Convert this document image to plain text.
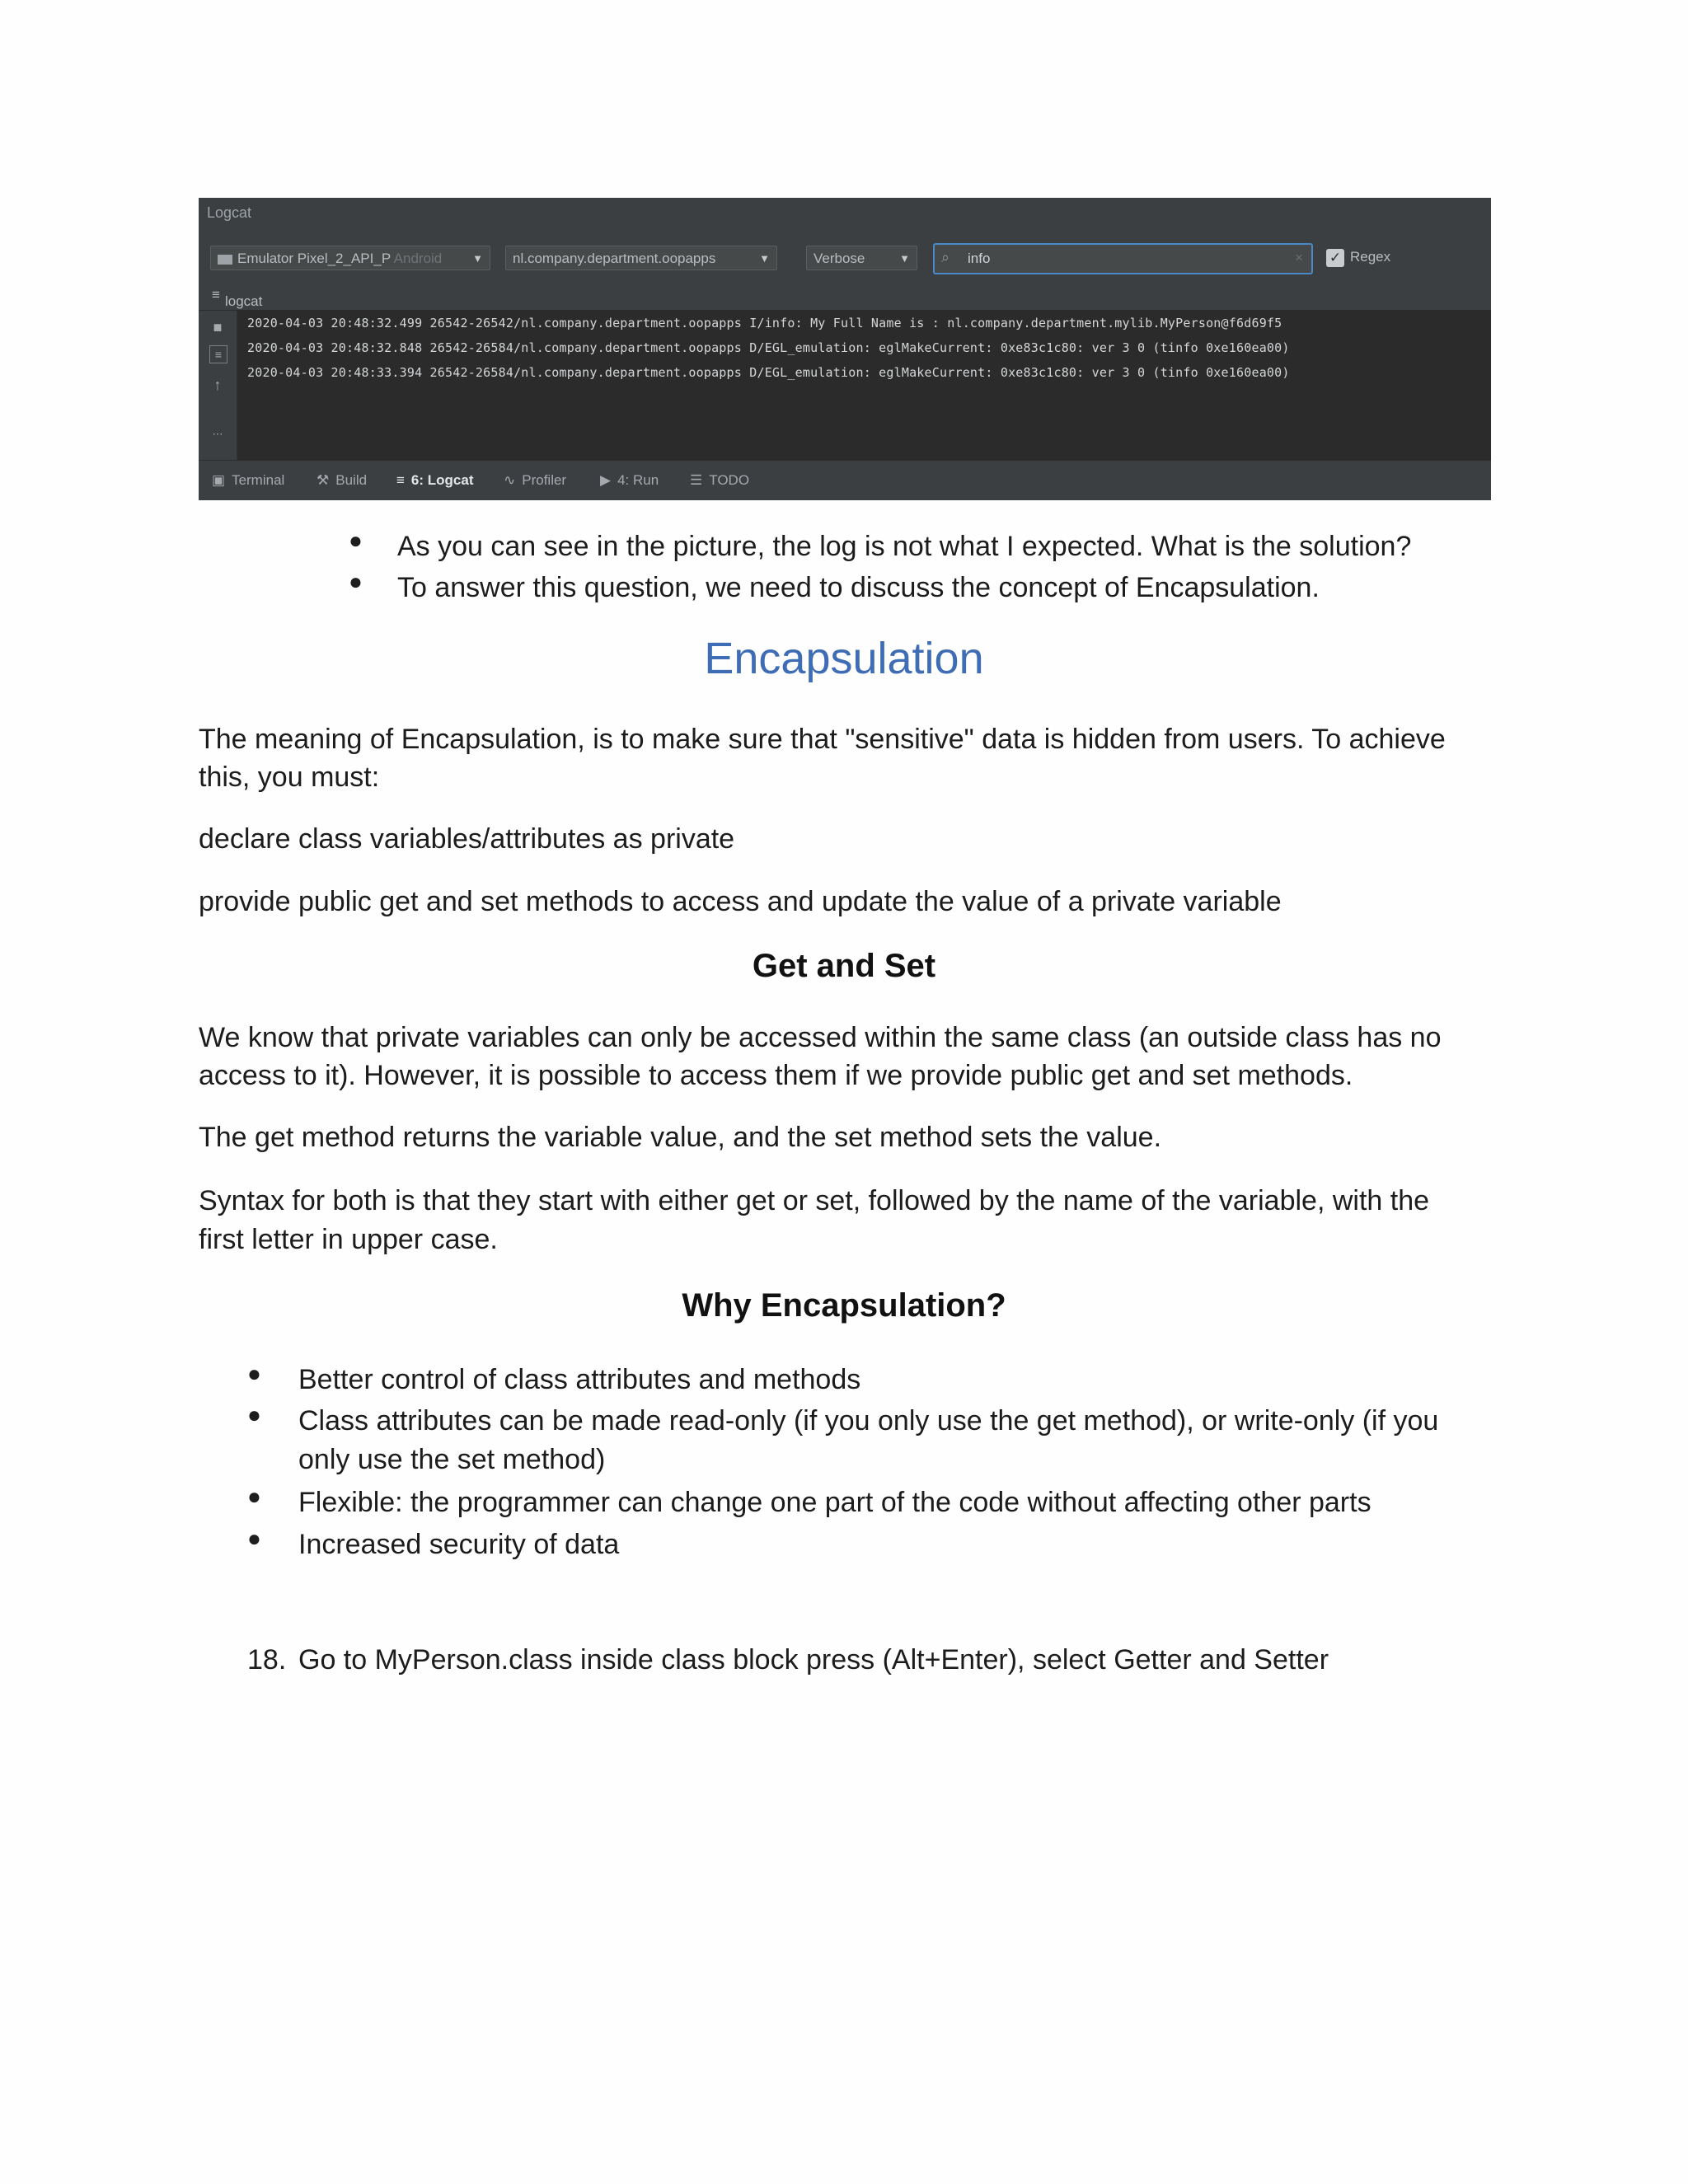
Logcat
Emulator Pixel_2_API_P Android	▼	nl.company.department.oopapps	▼	Verbose	▼ ⌕ info	× ✓ Regex
≡ logcat
■
≡
↑
⋯
2020-04-03 20:48:32.499 26542-26542/nl.company.department.oopapps I/info: My Full Name is : nl.company.department.mylib.MyPerson@f6d69f5
2020-04-03 20:48:32.848 26542-26584/nl.company.department.oopapps D/EGL_emulation: eglMakeCurrent: 0xe83c1c80: ver 3 0 (tinfo 0xe160ea00)
2020-04-03 20:48:33.394 26542-26584/nl.company.department.oopapps D/EGL_emulation: eglMakeCurrent: 0xe83c1c80: ver 3 0 (tinfo 0xe160ea00)
▣ Terminal ⚒ Build ≡ 6: Logcat ∿ Profiler ▶ 4: Run ☰ TODO
● As you can see in the picture, the log is not what I expected. What is the solution?
● To answer this question, we need to discuss the concept of Encapsulation.
Encapsulation
The meaning of Encapsulation, is to make sure that "sensitive" data is hidden from users. To achieve
this, you must:
declare class variables/attributes as private
provide public get and set methods to access and update the value of a private variable
Get and Set
We know that private variables can only be accessed within the same class (an outside class has no
access to it). However, it is possible to access them if we provide public get and set methods.
The get method returns the variable value, and the set method sets the value.
Syntax for both is that they start with either get or set, followed by the name of the variable, with the
first letter in upper case.
Why Encapsulation?
● Better control of class attributes and methods
● Class attributes can be made read-only (if you only use the get method), or write-only (if you
only use the set method)
● Flexible: the programmer can change one part of the code without affecting other parts
● Increased security of data
18. Go to MyPerson.class inside class block press (Alt+Enter), select Getter and Setter
